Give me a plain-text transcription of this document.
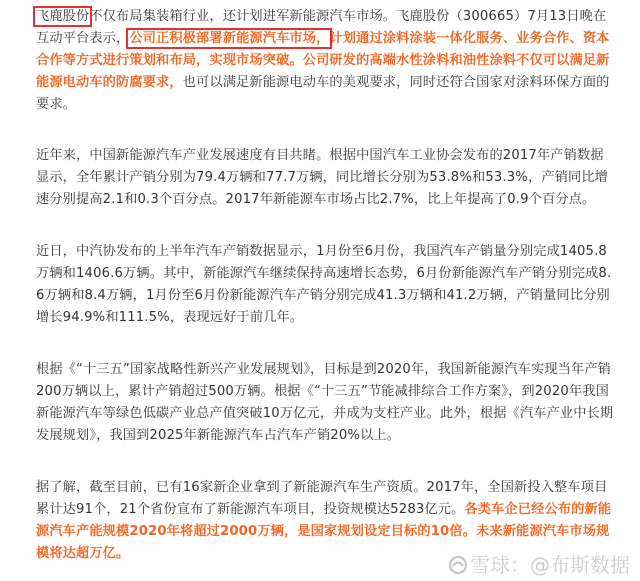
飞鹿股份不仅布局集装箱行业，还计划进军新能源汽车市场。飞鹿股份（300665）7月13日晚在互动平台表示，公司正积极部署新能源汽车市场，计划通过涂料涂装一体化服务、业务合作、资本合作等方式进行策划和布局，实现市场突破。公司研发的高端水性涂料和油性涂料不仅可以满足新能源电动车的防腐要求，也可以满足新能源电动车的美观要求，同时还符合国家对涂料环保方面的要求。

近年来，中国新能源汽车产业发展速度有目共睹。根据中国汽车工业协会发布的2017年产销数据显示，全年累计产销分别为79.4万辆和77.7万辆，同比增长分别为53.8%和53.3%，产销同比增速分别提高2.1和0.3个百分点。2017年新能源车市场占比2.7%，比上年提高了0.9个百分点。

近日，中汽协发布的上半年汽车产销数据显示，1月份至6月份，我国汽车产销量分别完成1405.8万辆和1406.6万辆。其中，新能源汽车继续保持高速增长态势，6月份新能源汽车产销分别完成8.6万辆和8.4万辆，1月份至6月份新能源汽车产销分别完成41.3万辆和41.2万辆，产销量同比分别增长94.9%和111.5%，表现远好于前几年。

根据《“十三五”国家战略性新兴产业发展规划》，目标是到2020年，我国新能源汽车实现当年产销200万辆以上，累计产销超过500万辆。根据《“十三五”节能减排综合工作方案》，到2020年我国新能源汽车等绿色低碳产业总产值突破10万亿元，并成为支柱产业。此外，根据《汽车产业中长期发展规划》，我国到2025年新能源汽车占汽车产销20%以上。

据了解，截至目前，已有16家新企业拿到了新能源汽车生产资质。2017年，全国新投入整车项目累计达91个，21个省份宣布了新能源汽车项目，投资规模达5283亿元。各类车企已经公布的新能源汽车产能规模2020年将超过2000万辆，是国家规划设定目标的10倍。未来新能源汽车市场规模将达超万亿。	雪球：@布斯数据
